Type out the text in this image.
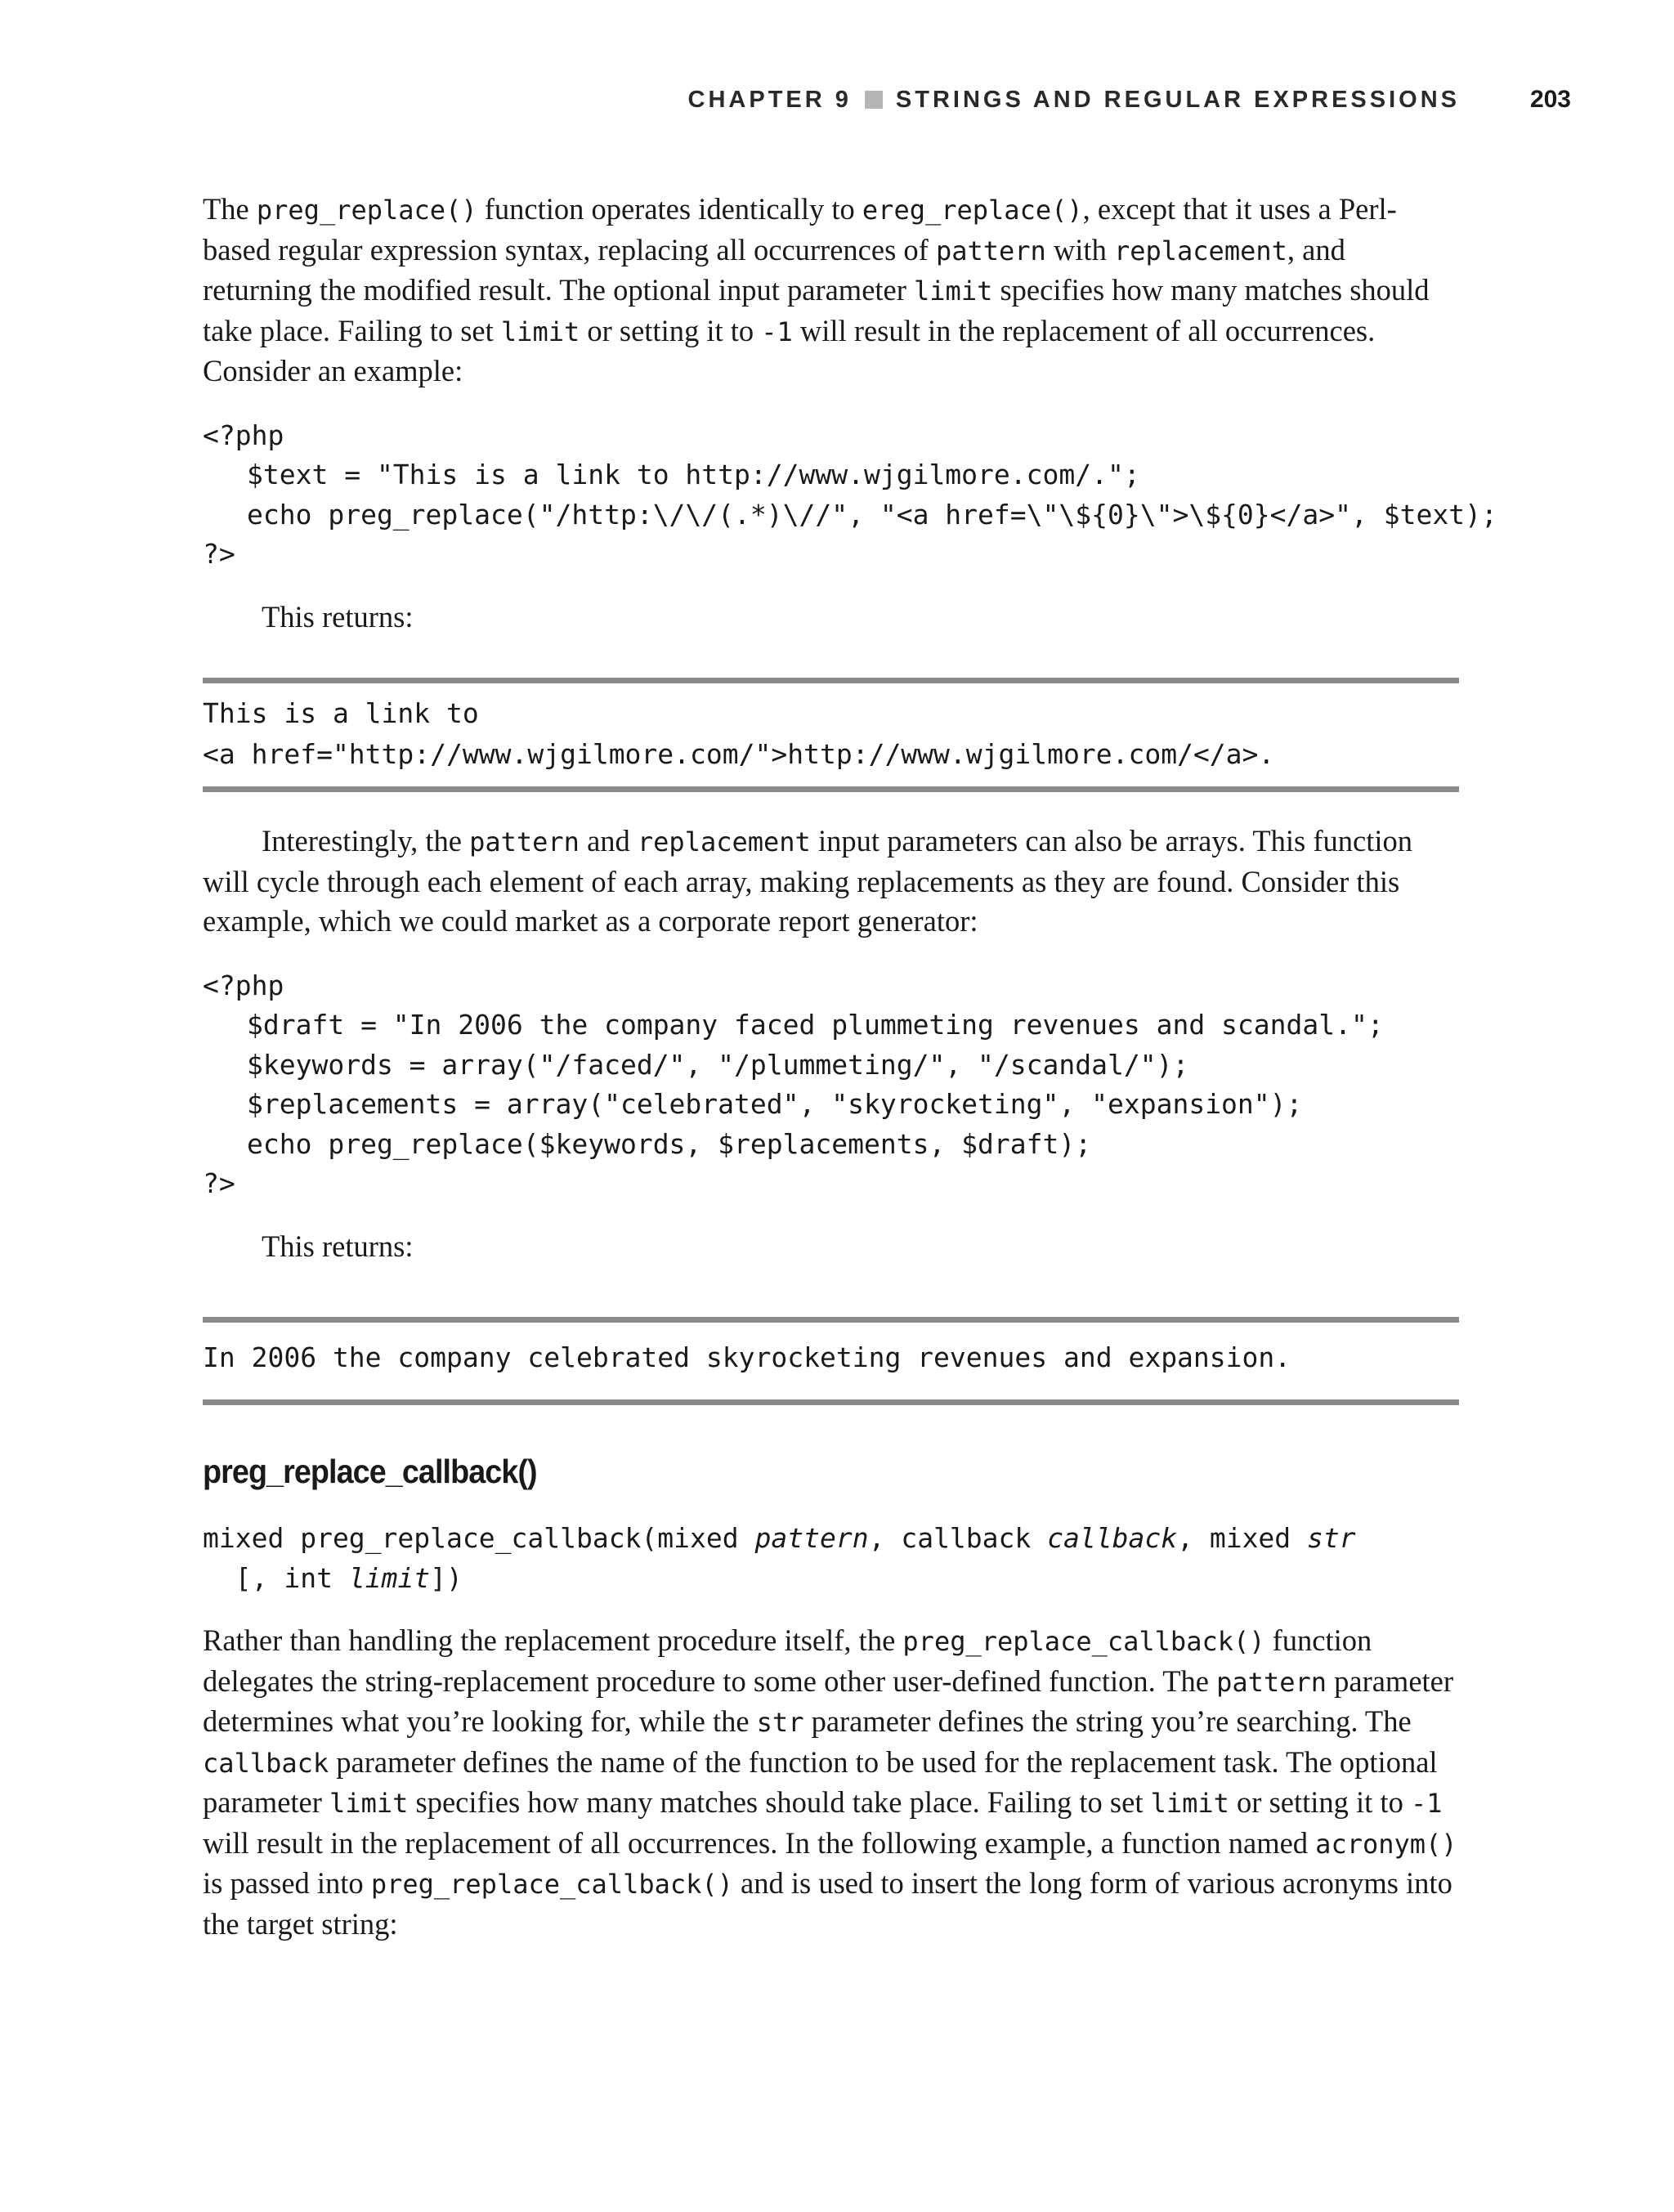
CHAPTER 9 STRINGS AND REGULAR EXPRESSIONS	203

The preg_replace() function operates identically to ereg_replace(), except that it uses a Perl-based regular expression syntax, replacing all occurrences of pattern with replacement, and returning the modified result. The optional input parameter limit specifies how many matches should take place. Failing to set limit or setting it to -1 will result in the replacement of all occurrences. Consider an example:

<?php
$text = "This is a link to http://www.wjgilmore.com/.";
echo preg_replace("/http:\/\/(.*)\//", "<a href=\"\${0}\">\${0}</a>", $text);
?>

This returns:

This is a link to
<a href="http://www.wjgilmore.com/">http://www.wjgilmore.com/</a>.

Interestingly, the pattern and replacement input parameters can also be arrays. This function will cycle through each element of each array, making replacements as they are found. Consider this example, which we could market as a corporate report generator:

<?php
$draft = "In 2006 the company faced plummeting revenues and scandal.";
$keywords = array("/faced/", "/plummeting/", "/scandal/");
$replacements = array("celebrated", "skyrocketing", "expansion");
echo preg_replace($keywords, $replacements, $draft);
?>

This returns:

In 2006 the company celebrated skyrocketing revenues and expansion.
preg_replace_callback()
mixed preg_replace_callback(mixed pattern, callback callback, mixed str
[, int limit])

Rather than handling the replacement procedure itself, the preg_replace_callback() function delegates the string-replacement procedure to some other user-defined function. The pattern parameter determines what you’re looking for, while the str parameter defines the string you’re searching. The callback parameter defines the name of the function to be used for the replacement task. The optional parameter limit specifies how many matches should take place. Failing to set limit or setting it to -1 will result in the replacement of all occurrences. In the following example, a function named acronym() is passed into preg_replace_callback() and is used to insert the long form of various acronyms into the target string:
